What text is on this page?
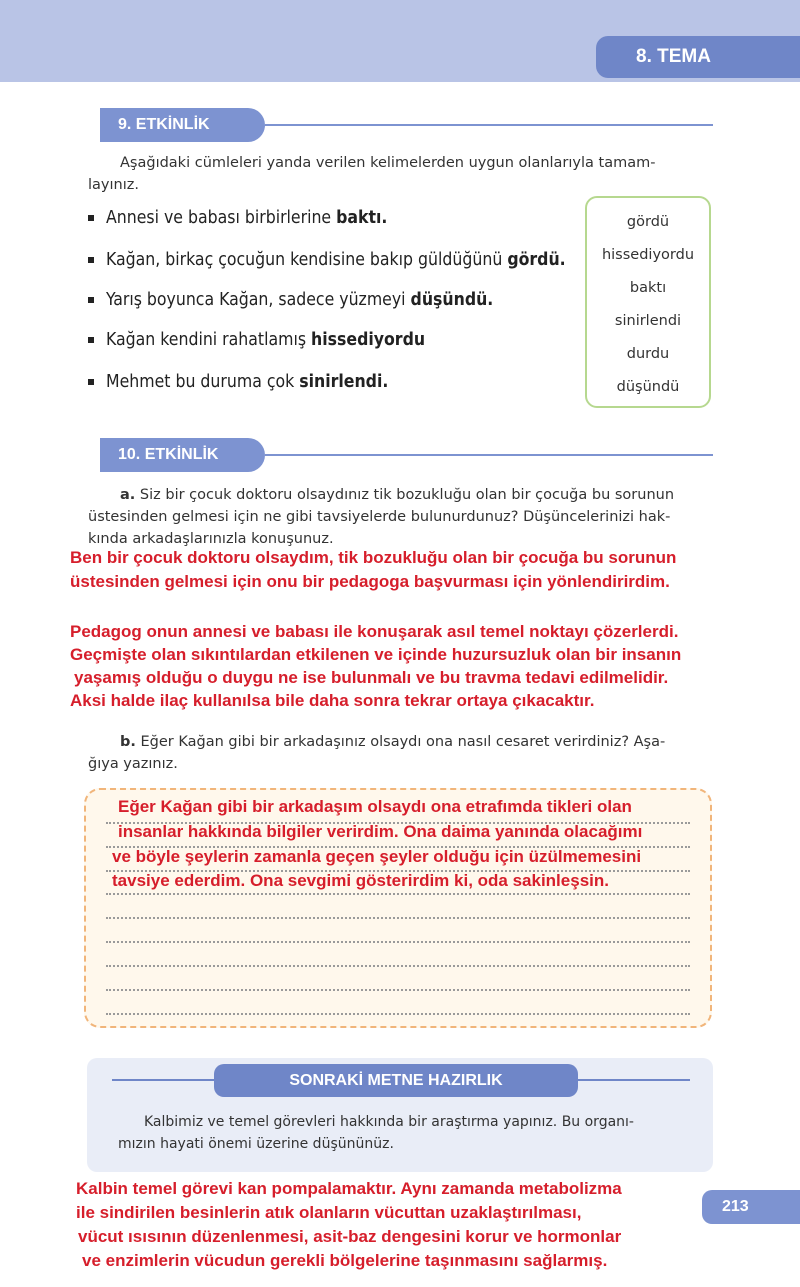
8. TEMA
9. ETKİNLİK
Aşağıdaki cümleleri yanda verilen kelimelerden uygun olanlarıyla tamam-
layınız.
Annesi ve babası birbirlerine baktı.
Kağan, birkaç çocuğun kendisine bakıp güldüğünü gördü.
Yarış boyunca Kağan, sadece yüzmeyi düşündü.
Kağan kendini rahatlamış hissediyordu
Mehmet bu duruma çok sinirlendi.
gördü
hissediyordu
baktı
sinirlendi
durdu
düşündü
10. ETKİNLİK
a. Siz bir çocuk doktoru olsaydınız tik bozukluğu olan bir çocuğa bu sorunun
üstesinden gelmesi için ne gibi tavsiyelerde bulunurdunuz? Düşüncelerinizi hak-
kında arkadaşlarınızla konuşunuz.
Ben bir çocuk doktoru olsaydım, tik bozukluğu olan bir çocuğa bu sorunun
üstesinden gelmesi için onu bir pedagoga başvurması için yönlendirirdim.
Pedagog onun annesi ve babası ile konuşarak asıl temel noktayı çözerlerdi.
Geçmişte olan sıkıntılardan etkilenen ve içinde huzursuzluk olan bir insanın
yaşamış olduğu o duygu ne ise bulunmalı ve bu travma tedavi edilmelidir.
Aksi halde ilaç kullanılsa bile daha sonra tekrar ortaya çıkacaktır.
b. Eğer Kağan gibi bir arkadaşınız olsaydı ona nasıl cesaret verirdiniz? Aşa-
ğıya yazınız.
Eğer Kağan gibi bir arkadaşım olsaydı ona etrafımda tikleri olan
insanlar hakkında bilgiler verirdim. Ona daima yanında olacağımı
ve böyle şeylerin zamanla geçen şeyler olduğu için üzülmemesini
tavsiye ederdim. Ona sevgimi gösterirdim ki, oda sakinleşsin.
SONRAKİ METNE HAZIRLIK
Kalbimiz ve temel görevleri hakkında bir araştırma yapınız. Bu organı-
mızın hayati önemi üzerine düşününüz.
Kalbin temel görevi kan pompalamaktır. Aynı zamanda metabolizma
ile sindirilen besinlerin atık olanların vücuttan uzaklaştırılması,
vücut ısısının düzenlenmesi, asit-baz dengesini korur ve hormonlar
ve enzimlerin vücudun gerekli bölgelerine taşınmasını sağlarmış.
213
